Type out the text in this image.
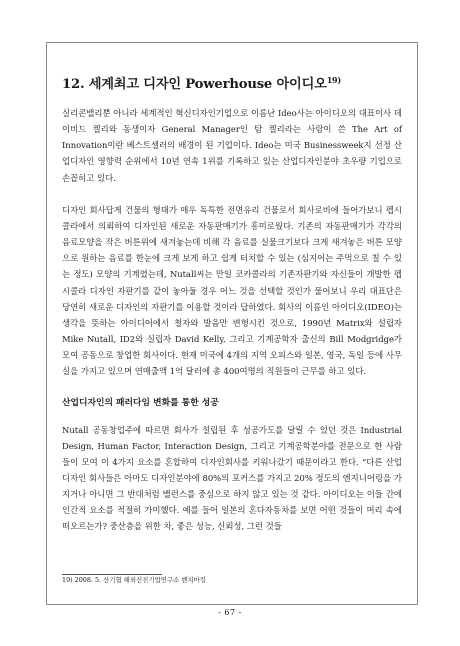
12. 세계최고 디자인 Powerhouse 아이디오$^{19)}$

실리콘밸리뿐 아니라 세계적인 혁신디자인기업으로 이름난 Ideo사는 아이디오의 대표이사 데이비드 켈리와 동생이자 General Manager인 탐 켈리라는 사람이 쓴 The Art of Innovation이란 베스트셀러의 배경이 된 기업이다. Ideo는 미국 Businessweek지 선정 산업디자인 영향력 순위에서 10년 연속 1위를 기록하고 있는 산업디자인분야 초우량 기업으로 손꼽히고 있다.

디자인 회사답게 건물의 형태가 매우 독특한 전면유리 건물로서 회사로비에 들어가보니 펩시콜라에서 의뢰하여 디자인된 새로운 자동판매기가 흥미로웠다. 기존의 자동판매기가 각각의 음료모양을 작은 버튼위에 새겨놓는데 비해 각 음료를 실물크기보다 크게 새겨놓은 버튼 모양으로 원하는 음료를 한눈에 크게 보게 하고 쉽게 터치할 수 있는 (심지어는 주먹으로 칠 수 있는 정도) 모양의 기계였는데, Nutall씨는 만일 코카콜라의 기존자판기와 자신들이 개발한 펩시콜라 디자인 자판기를 같이 놓아둘 경우 어느 것을 선택할 것인가 물어보니 우리 대표단은 당연히 새로운 디자인의 자판기를 이용할 것이라 답하였다. 회사의 이름인 아이디오(IDEO)는 생각을 뜻하는 아이디어에서 철자와 발음만 변형시킨 것으로, 1990년 Matrix와 설립자 Mike Nutall, ID2와 실립자 David Kelly, 그리고 기계공학자 출신의 Bill Modgridge가 모여 공동으로 창업한 회사이다. 현재 미국에 4개의 지역 오피스와 일본, 영국, 독일 등에 사무실을 가지고 있으며 연매출액 1억 달러에 총 400여명의 직원들이 근무를 하고 있다.

산업디자인의 패러다임 변화를 통한 성공

Nutall 공동창업주에 따르면 회사가 설립된 후 성공가도를 달릴 수 있던 것은 Industrial Design, Human Factor, Interaction Design, 그리고 기계공학분야를 전문으로 한 사람들이 모여 이 4가지 요소를 혼합하여 디자인회사를 키워나갔기 때문이라고 한다. “다른 산업디자인 회사들은 아마도 디자인분야에 80%의 포커스를 가지고 20% 정도의 엔지니어링을 가지거나 아니면 그 반대처럼 밸런스를 중심으로 하지 않고 있는 것 같다. 아이디오는 이들 간에 인간적 요소를 적절히 가미했다. 예를 들어 일본의 혼다자동차를 보면 어떤 것들이 머리 속에 떠오르는가? 중산층을 위한 차, 좋은 성능, 신뢰성, 그런 것들

19) 2008. 5. 산기협 해외선진기업연구소 벤치마킹

- 67 -
